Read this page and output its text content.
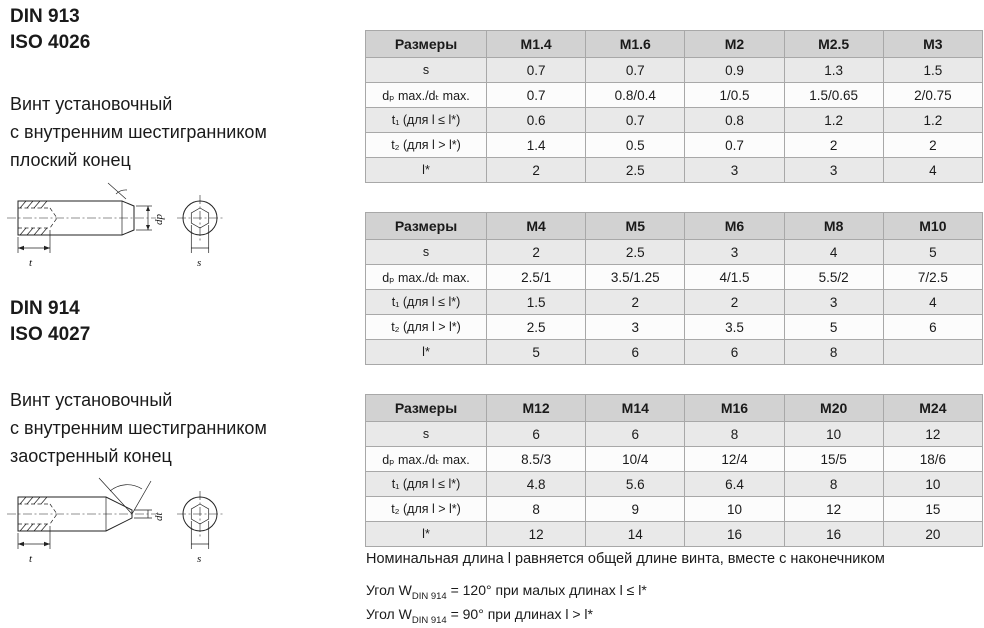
DIN 913
ISO 4026
Винт установочный
с внутренним шестигранником
плоский конец
t
dp
s
DIN 914
ISO 4027
Винт установочный
с внутренним шестигранником
заостренный конец
t
dt
s
Размеры	M1.4	M1.6	M2	M2.5	M3
s	0.7	0.7	0.9	1.3	1.5
dₚ max./dₜ max.	0.7	0.8/0.4	1/0.5	1.5/0.65	2/0.75
t₁ (для l ≤ l*)	0.6	0.7	0.8	1.2	1.2
t₂ (для l > l*)	1.4	0.5	0.7	2	2
l*	2	2.5	3	3	4
Размеры	M4	M5	M6	M8	M10
s	2	2.5	3	4	5
dₚ max./dₜ max.	2.5/1	3.5/1.25	4/1.5	5.5/2	7/2.5
t₁ (для l ≤ l*)	1.5	2	2	3	4
t₂ (для l > l*)	2.5	3	3.5	5	6
l*	5	6	6	8	
Размеры	M12	M14	M16	M20	M24
s	6	6	8	10	12
dₚ max./dₜ max.	8.5/3	10/4	12/4	15/5	18/6
t₁ (для l ≤ l*)	4.8	5.6	6.4	8	10
t₂ (для l > l*)	8	9	10	12	15
l*	12	14	16	16	20
Номинальная длина l равняется общей длине винта, вместе с наконечником
Угол $W_{DIN 914} = 120^\circ$ при малых длинах l ≤ l*
Угол $W_{DIN 914} = 90^\circ$ при длинах l > l*
